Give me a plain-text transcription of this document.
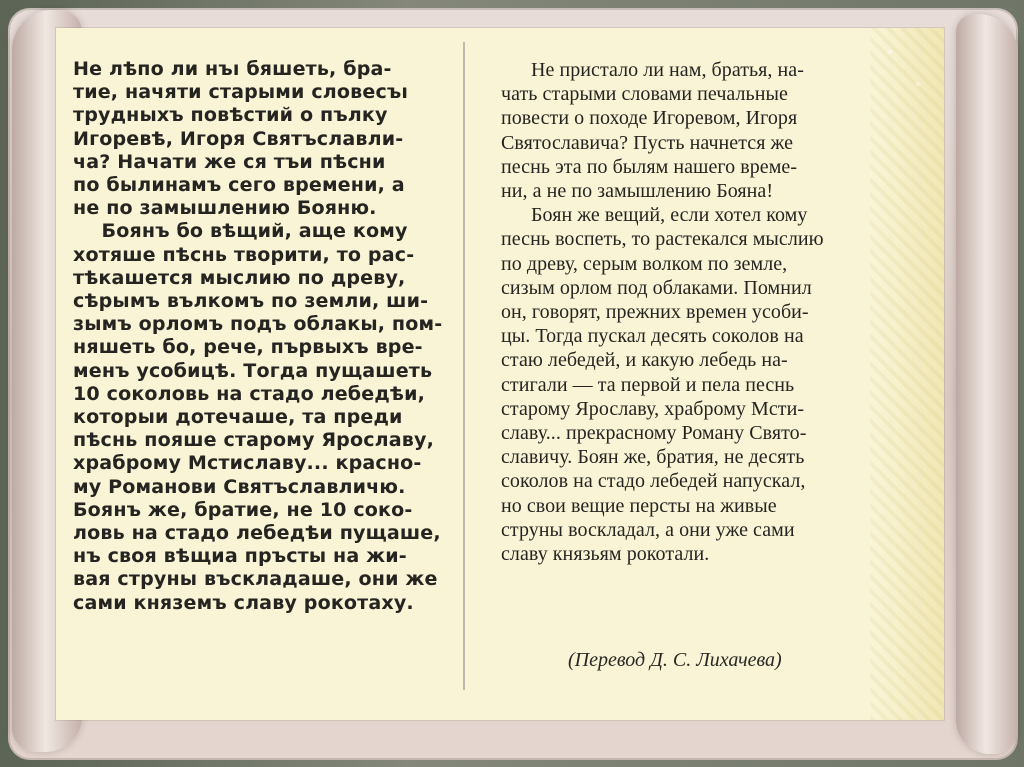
Не лѣпо ли нъı бяшеть, бра-
тие, начяти старыми словесъı
трудныхъ повѣстий о пълку
Игоревѣ, Игоря Святъславли-
ча? Начати же ся тъи пѣсни
по былинамъ сего времени, а
не по замышлению Бояню.
Боянъ бо вѣщий, аще кому
хотяше пѣснь творити, то рас-
тѣкашется мыслию по древу,
сѣрымъ вълкомъ по земли, ши-
зымъ орломъ подъ облакы, пом-
няшеть бо, рече, първыхъ вре-
менъ усобицѣ. Тогда пущашеть
10 соколовь на стадо лебедѣи,
которыи дотечаше, та преди
пѣснь пояше старому Ярославу,
храброму Мстиславу... красно-
му Романови Святъславличю.
Боянъ же, братие, не 10 соко-
ловь на стадо лебедѣи пущаше,
нъ своя вѣщиа пръсты на жи-
вая струны въскладаше, они же
сами княземъ славу рокотаху.
Не пристало ли нам, братья, на-
чать старыми словами печальные
повести о походе Игоревом, Игоря
Святославича? Пусть начнется же
песнь эта по былям нашего време-
ни, а не по замышлению Бояна!
Боян же вещий, если хотел кому
песнь воспеть, то растекался мыслию
по древу, серым волком по земле,
сизым орлом под облаками. Помнил
он, говорят, прежних времен усоби-
цы. Тогда пускал десять соколов на
стаю лебедей, и какую лебедь на-
стигали — та первой и пела песнь
старому Ярославу, храброму Мсти-
славу... прекрасному Роману Свято-
славичу. Боян же, братия, не десять
соколов на стадо лебедей напускал,
но свои вещие персты на живые
струны воскладал, а они уже сами
славу князьям рокотали.
(Перевод Д. С. Лихачева)
